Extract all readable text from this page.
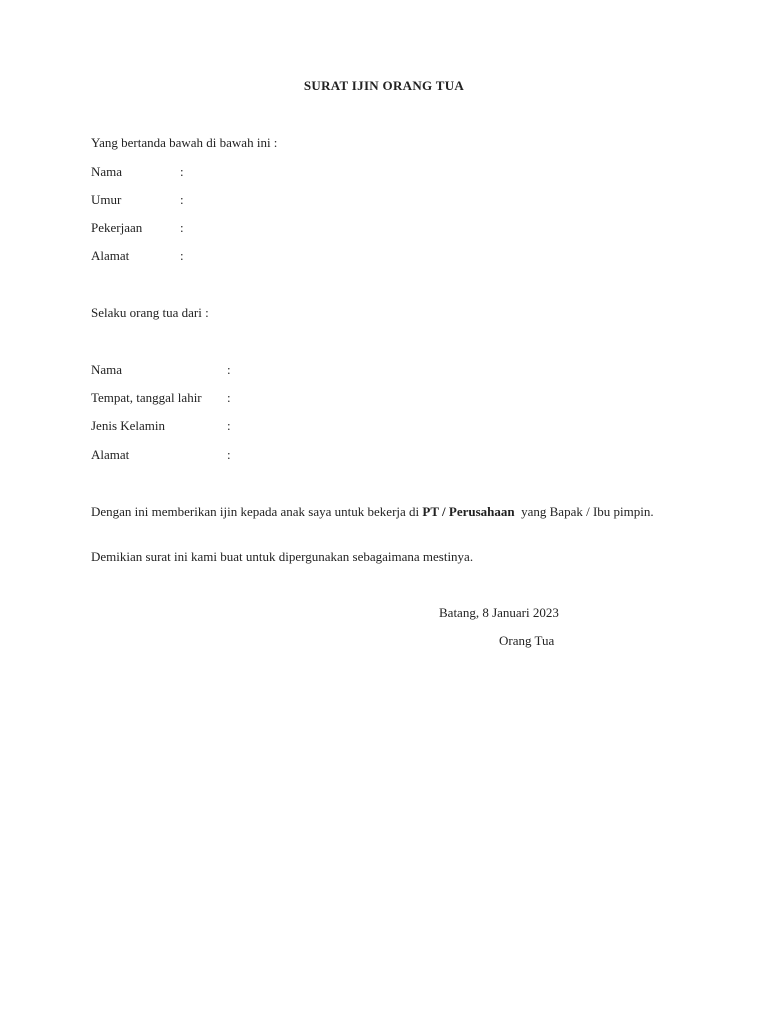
SURAT IJIN ORANG TUA
Yang bertanda bawah di bawah ini :
Nama	:
Umur	:
Pekerjaan	:
Alamat	:
Selaku orang tua dari :
Nama	:
Tempat, tanggal lahir :
Jenis Kelamin	:
Alamat	:
Dengan ini memberikan ijin kepada anak saya untuk bekerja di PT / Perusahaan  yang Bapak / Ibu pimpin.
Demikian surat ini kami buat untuk dipergunakan sebagaimana mestinya.
Batang, 8 Januari 2023
Orang Tua
